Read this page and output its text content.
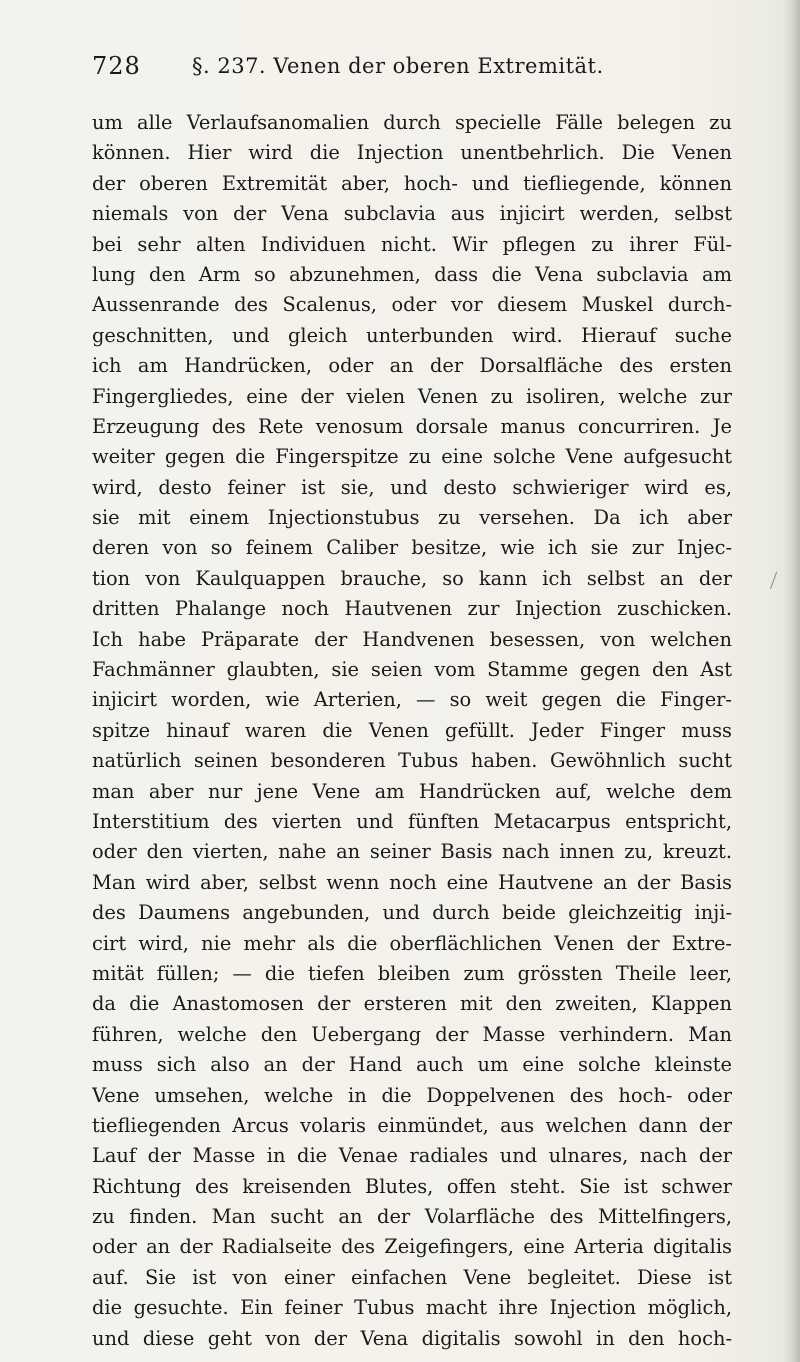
728 §. 237. Venen der oberen Extremität.
um alle Verlaufsanomalien durch specielle Fälle belegen zu
können. Hier wird die Injection unentbehrlich. Die Venen
der oberen Extremität aber, hoch- und tiefliegende, können
niemals von der Vena subclavia aus injicirt werden, selbst
bei sehr alten Individuen nicht. Wir pflegen zu ihrer Fül-
lung den Arm so abzunehmen, dass die Vena subclavia am
Aussenrande des Scalenus, oder vor diesem Muskel durch-
geschnitten, und gleich unterbunden wird. Hierauf suche
ich am Handrücken, oder an der Dorsalfläche des ersten
Fingergliedes, eine der vielen Venen zu isoliren, welche zur
Erzeugung des Rete venosum dorsale manus concurriren. Je
weiter gegen die Fingerspitze zu eine solche Vene aufgesucht
wird, desto feiner ist sie, und desto schwieriger wird es,
sie mit einem Injectionstubus zu versehen. Da ich aber
deren von so feinem Caliber besitze, wie ich sie zur Injec-
tion von Kaulquappen brauche, so kann ich selbst an der
dritten Phalange noch Hautvenen zur Injection zuschicken.
Ich habe Präparate der Handvenen besessen, von welchen
Fachmänner glaubten, sie seien vom Stamme gegen den Ast
injicirt worden, wie Arterien, — so weit gegen die Finger-
spitze hinauf waren die Venen gefüllt. Jeder Finger muss
natürlich seinen besonderen Tubus haben. Gewöhnlich sucht
man aber nur jene Vene am Handrücken auf, welche dem
Interstitium des vierten und fünften Metacarpus entspricht,
oder den vierten, nahe an seiner Basis nach innen zu, kreuzt.
Man wird aber, selbst wenn noch eine Hautvene an der Basis
des Daumens angebunden, und durch beide gleichzeitig inji-
cirt wird, nie mehr als die oberflächlichen Venen der Extre-
mität füllen; — die tiefen bleiben zum grössten Theile leer,
da die Anastomosen der ersteren mit den zweiten, Klappen
führen, welche den Uebergang der Masse verhindern. Man
muss sich also an der Hand auch um eine solche kleinste
Vene umsehen, welche in die Doppelvenen des hoch- oder
tiefliegenden Arcus volaris einmündet, aus welchen dann der
Lauf der Masse in die Venae radiales und ulnares, nach der
Richtung des kreisenden Blutes, offen steht. Sie ist schwer
zu finden. Man sucht an der Volarfläche des Mittelfingers,
oder an der Radialseite des Zeigefingers, eine Arteria digitalis
auf. Sie ist von einer einfachen Vene begleitet. Diese ist
die gesuchte. Ein feiner Tubus macht ihre Injection möglich,
und diese geht von der Vena digitalis sowohl in den hoch-
